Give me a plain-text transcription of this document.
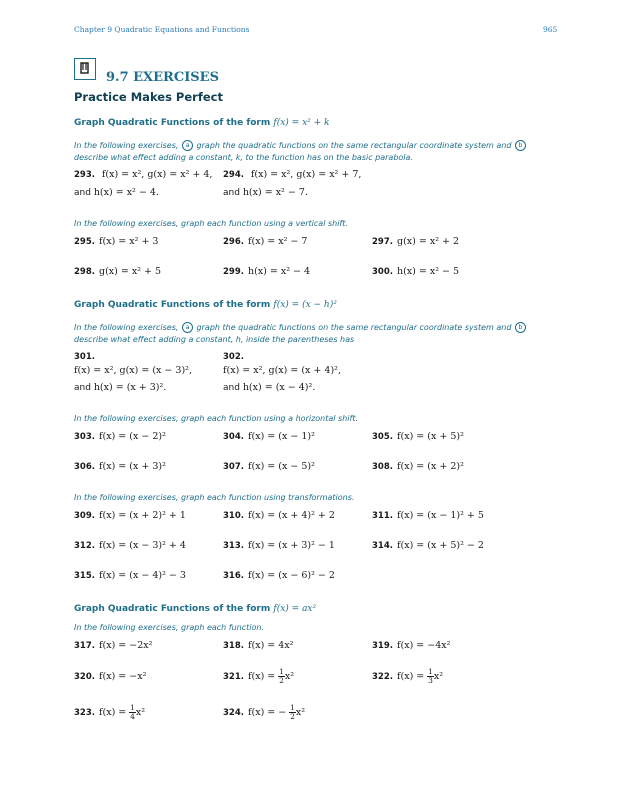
Chapter 9 Quadratic Equations and Functions	965
9.7 EXERCISES
Practice Makes Perfect
Graph Quadratic Functions of the form f(x) = x² + k
In the following exercises, a graph the quadratic functions on the same rectangular coordinate system and b describe what effect adding a constant, k, to the function has on the basic parabola.
293. f(x) = x², g(x) = x² + 4,
and h(x) = x² − 4.
294. f(x) = x², g(x) = x² + 7,
and h(x) = x² − 7.
In the following exercises, graph each function using a vertical shift.
295. f(x) = x² + 3	296. f(x) = x² − 7	297. g(x) = x² + 2
298. g(x) = x² + 5	299. h(x) = x² − 4	300. h(x) = x² − 5
Graph Quadratic Functions of the form f(x) = (x − h)²
In the following exercises, a graph the quadratic functions on the same rectangular coordinate system and b describe what effect adding a constant, h, inside the parentheses has
301.
f(x) = x², g(x) = (x − 3)²,
and h(x) = (x + 3)².
302.
f(x) = x², g(x) = (x + 4)²,
and h(x) = (x − 4)².
In the following exercises, graph each function using a horizontal shift.
303. f(x) = (x − 2)²	304. f(x) = (x − 1)²	305. f(x) = (x + 5)²
306. f(x) = (x + 3)²	307. f(x) = (x − 5)²	308. f(x) = (x + 2)²
In the following exercises, graph each function using transformations.
309. f(x) = (x + 2)² + 1	310. f(x) = (x + 4)² + 2	311. f(x) = (x − 1)² + 5
312. f(x) = (x − 3)² + 4	313. f(x) = (x + 3)² − 1	314. f(x) = (x + 5)² − 2
315. f(x) = (x − 4)² − 3	316. f(x) = (x − 6)² − 2
Graph Quadratic Functions of the form f(x) = ax²
In the following exercises, graph each function.
317. f(x) = −2x²	318. f(x) = 4x²	319. f(x) = −4x²
320. f(x) = −x²	321. $f(x) = \frac{1}{2} x^2$	322. $f(x) = \frac{1}{3} x^2$
323. $f(x) = \frac{1}{4} x^2$	324. f(x) = − $\frac{1}{2} x^2$
